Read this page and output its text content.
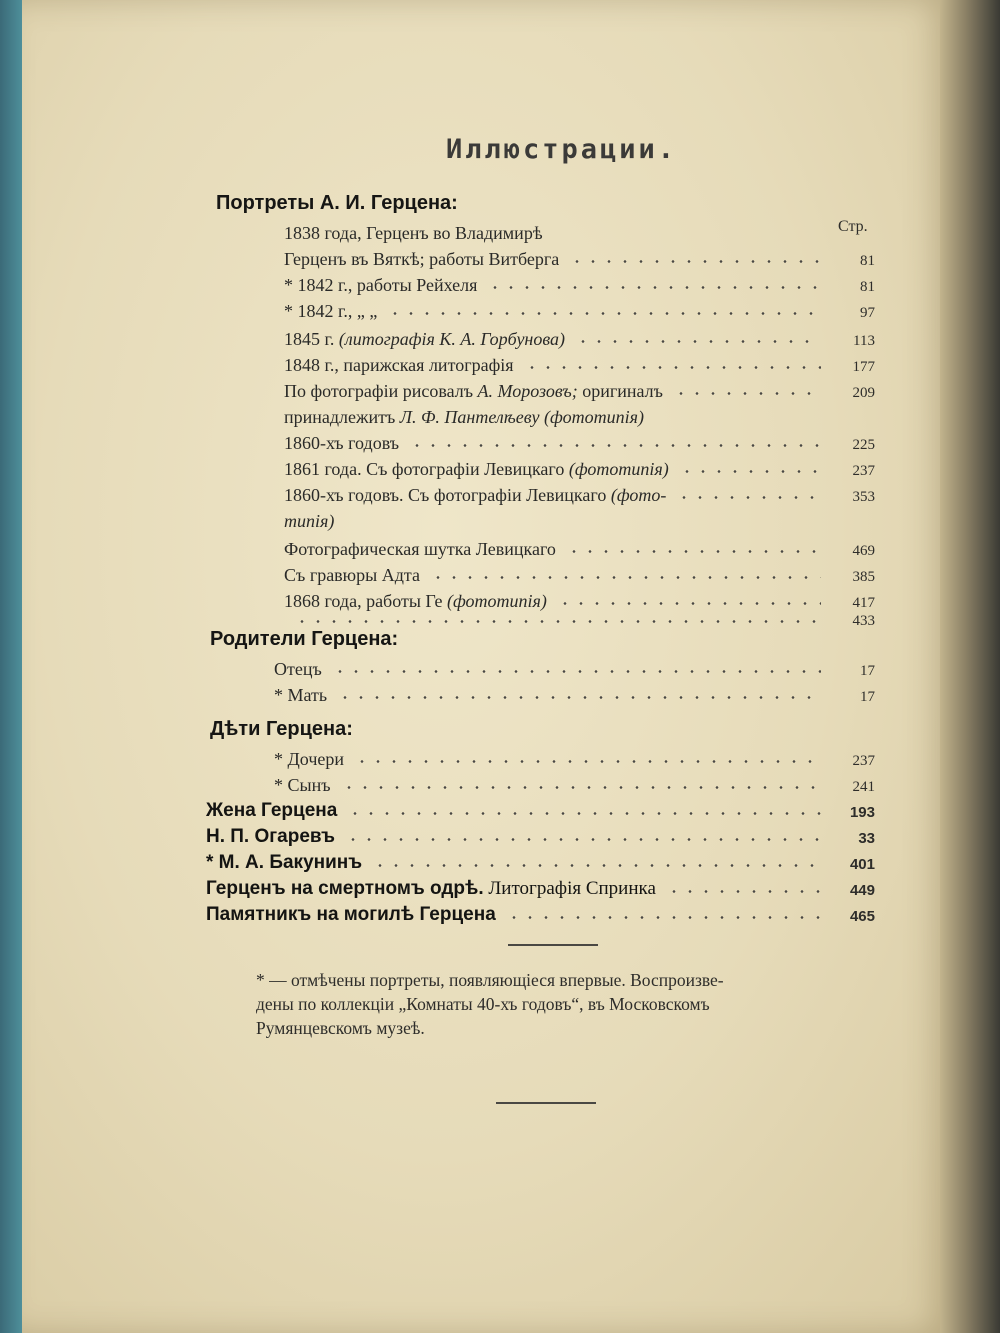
Иллюстрации.
Портреты А. И. Герцена:
Стр.
1838 года, Герценъ во Владимирѣ
Герценъ въ Вяткѣ; работы Витберга	81
* 1842 г., работы Рейхеля	81
* 1842 г., „ „	97
1845 г. (литографія К. А. Горбунова)	113
1848 г., парижская литографія	177
По фотографіи рисовалъ А. Морозовъ; оригиналъ	209
принадлежитъ Л. Ф. Пантелѣеву (фототипія)
1860-хъ годовъ	225
1861 года. Съ фотографіи Левицкаго (фототипія)	237
1860-хъ годовъ. Съ фотографіи Левицкаго (фото-	353
типія)
Фотографическая шутка Левицкаго	469
Съ гравюры Адта	385
1868 года, работы Ге (фототипія)	417
433
Родители Герцена:
Отецъ	17
* Мать	17
Дѣти Герцена:
* Дочери	237
* Сынъ	241
Жена Герцена	193
Н. П. Огаревъ	33
* М. А. Бакунинъ	401
Герценъ на смертномъ одрѣ. Литографія Спринка	449
Памятникъ на могилѣ Герцена	465
* — отмѣчены портреты, появляющіеся впервые. Воспроизве-
дены по коллекціи „Комнаты 40-хъ годовъ“, въ Московскомъ
Румянцевскомъ музеѣ.
